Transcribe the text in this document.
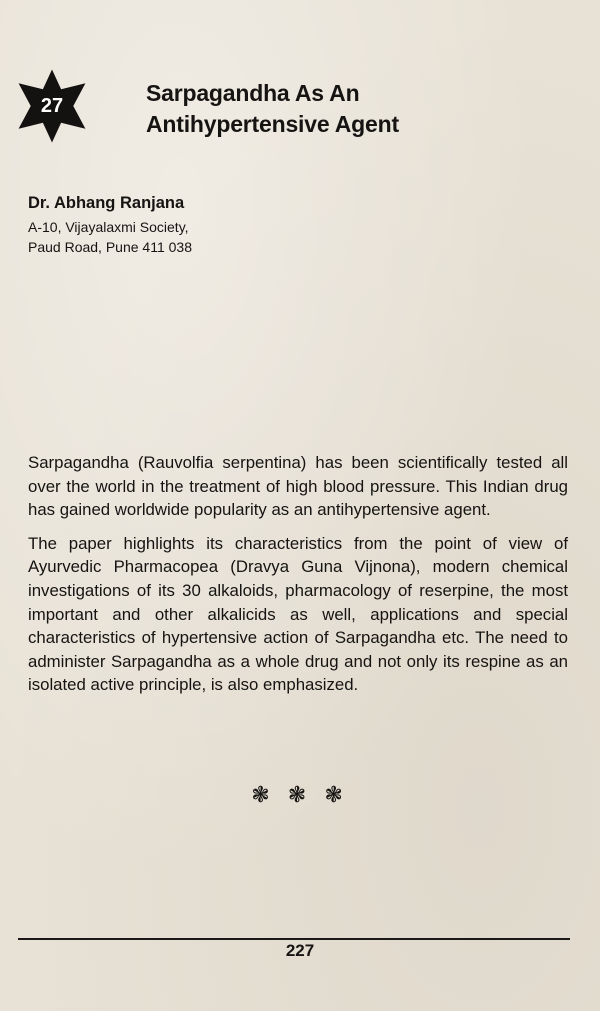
27	Sarpagandha As An
Antihypertensive Agent
Dr. Abhang Ranjana
A-10, Vijayalaxmi Society,
Paud Road, Pune 411 038

Sarpagandha (Rauvolfia serpentina) has been scientifically tested all over the world in the treatment of high blood pressure. This Indian drug has gained worldwide popularity as an antihypertensive agent.

The paper highlights its characteristics from the point of view of Ayurvedic Pharmacopea (Dravya Guna Vijnona), modern chemical investigations of its 30 alkaloids, pharmacology of reserpine, the most important and other alkalicids as well, applications and special characteristics of hypertensive action of Sarpagandha etc. The need to administer Sarpagandha as a whole drug and not only its respine as an isolated active principle, is also emphasized.

❃ ❃ ❃
227
